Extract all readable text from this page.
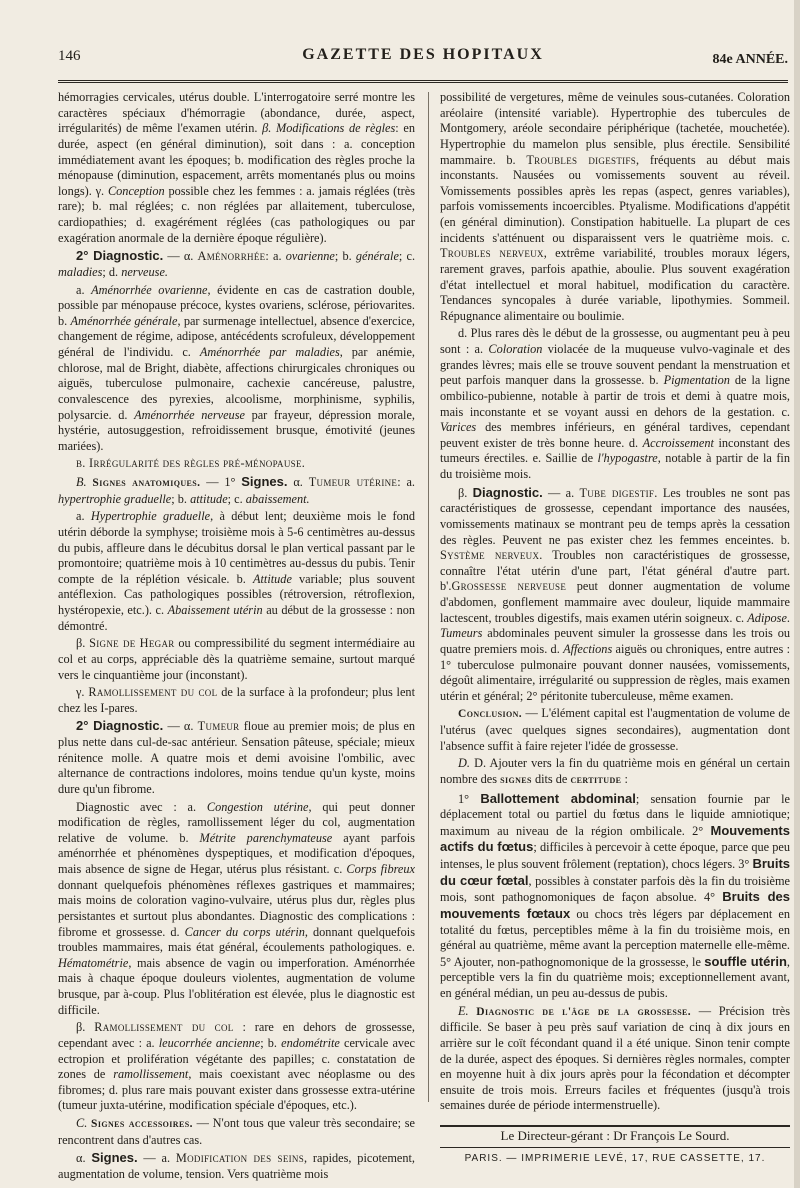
146	GAZETTE DES HOPITAUX	84e ANNÉE.

hémorragies cervicales, utérus double. L'interrogatoire serré montre les caractères spéciaux d'hémorragie (abondance, durée, aspect, irrégularités) de même l'examen utérin. β. Modifications de règles: en durée, aspect (en général diminution), soit dans : a. conception immédiatement avant les époques; b. modification des règles proche la ménopause (diminution, espacement, arrêts momentanés plus ou moins longs). γ. Conception possible chez les femmes : a. jamais réglées (très rare); b. mal réglées; c. non réglées par allaitement, tuberculose, cardiopathies; d. exagérément réglées (cas pathologiques ou par exagération anormale de la dernière époque régulière).

2° Diagnostic. — α. Aménorrhée: a. ovarienne; b. générale; c. maladies; d. nerveuse.

a. Aménorrhée ovarienne, évidente en cas de castration double, possible par ménopause précoce, kystes ovariens, sclérose, périovarites. b. Aménorrhée générale, par surmenage intellectuel, absence d'exercice, changement de régime, adipose, antécédents scrofuleux, développement général de l'individu. c. Aménorrhée par maladies, par anémie, chlorose, mal de Bright, diabète, affections chirurgicales chroniques ou aiguës, tuberculose pulmonaire, cachexie cancéreuse, palustre, convalescence des pyrexies, alcoolisme, morphinisme, syphilis, polysarcie. d. Aménorrhée nerveuse par frayeur, dépression morale, hystérie, autosuggestion, refroidissement brusque, émotivité (jeunes mariées).

β. Irrégularité des règles pré-ménopause.

B. Signes anatomiques. — 1° Signes. α. Tumeur utérine: a. hypertrophie graduelle; b. attitude; c. abaissement.

a. Hypertrophie graduelle, à début lent; deuxième mois le fond utérin déborde la symphyse; troisième mois à 5-6 centimètres au-dessus du pubis, affleure dans le décubitus dorsal le plan vertical passant par le promontoire; quatrième mois à 10 centimètres au-dessus du pubis. Tenir compte de la réplétion vésicale. b. Attitude variable; plus souvent antéflexion. Cas pathologiques possibles (rétroversion, rétroflexion, hystéropexie, etc.). c. Abaissement utérin au début de la grossesse : non démontré.

β. Signe de Hegar ou compressibilité du segment intermédiaire au col et au corps, appréciable dès la quatrième semaine, surtout marqué vers le cinquantième jour (inconstant).

γ. Ramollissement du col de la surface à la profondeur; plus lent chez les I-pares.

2° Diagnostic. — α. Tumeur floue au premier mois; de plus en plus nette dans cul-de-sac antérieur. Sensation pâteuse, spéciale; mieux rénitence molle. A quatre mois et demi avoisine l'ombilic, avec alternance de contractions indolores, moins tendue qu'un kyste, moins dure qu'un fibrome.

Diagnostic avec : a. Congestion utérine, qui peut donner modification de règles, ramollissement léger du col, augmentation relative de volume. b. Métrite parenchymateuse ayant parfois aménorrhée et phénomènes dyspeptiques, et modification d'époques, mais absence de signe de Hegar, utérus plus résistant. c. Corps fibreux donnant quelquefois phénomènes réflexes gastriques et mammaires; mais moins de coloration vagino-vulvaire, utérus plus dur, règles plus persistantes et surtout plus abondantes. Diagnostic des complications : fibrome et grossesse. d. Cancer du corps utérin, donnant quelquefois troubles mammaires, mais état général, écoulements pathologiques. e. Hématométrie, mais absence de vagin ou imperforation. Aménorrhée mais à chaque époque douleurs violentes, augmentation de volume brusque, par à-coup. Plus l'oblitération est élevée, plus le diagnostic est difficile.

β. Ramollissement du col : rare en dehors de grossesse, cependant avec : a. leucorrhée ancienne; b. endométrite cervicale avec ectropion et prolifération végétante des papilles; c. constatation de zones de ramollissement, mais coexistant avec néoplasme ou des fibromes; d. plus rare mais pouvant exister dans grossesse extra-utérine (tumeur juxta-utérine, modification spéciale d'époques, etc.).

C. Signes accessoires. — N'ont tous que valeur très secondaire; se rencontrent dans d'autres cas.

α. Signes. — a. Modification des seins, rapides, picotement, augmentation de volume, tension. Vers quatrième mois

possibilité de vergetures, même de veinules sous-cutanées. Coloration aréolaire (intensité variable). Hypertrophie des tubercules de Montgomery, aréole secondaire périphérique (tachetée, mouchetée). Hypertrophie du mamelon plus sensible, plus érectile. Sensibilité mammaire. b. Troubles digestifs, fréquents au début mais inconstants. Nausées ou vomissements souvent au réveil. Vomissements possibles après les repas (aspect, genres variables), parfois vomissements incoercibles. Ptyalisme. Modifications d'appétit (en général diminution). Constipation habituelle. La plupart de ces incidents s'atténuent ou disparaissent vers le quatrième mois. c. Troubles nerveux, extrême variabilité, troubles moraux légers, rarement graves, parfois apathie, aboulie. Plus souvent exagération d'état intellectuel et moral habituel, modification du caractère. Tendances syncopales à durée variable, lipothymies. Sommeil. Répugnance alimentaire ou boulimie.

d. Plus rares dès le début de la grossesse, ou augmentant peu à peu sont : a. Coloration violacée de la muqueuse vulvo-vaginale et des grandes lèvres; mais elle se trouve souvent pendant la menstruation et peut parfois manquer dans la grossesse. b. Pigmentation de la ligne ombilico-pubienne, notable à partir de trois et demi à quatre mois, mais inconstante et se voyant aussi en dehors de la gestation. c. Varices des membres inférieurs, en général tardives, cependant peuvent exister de très bonne heure. d. Accroissement inconstant des tumeurs érectiles. e. Saillie de l'hypogastre, notable à partir de la fin du troisième mois.

β. Diagnostic. — a. Tube digestif. Les troubles ne sont pas caractéristiques de grossesse, cependant importance des nausées, vomissements matinaux se montrant peu de temps après la cessation des règles. Peuvent ne pas exister chez les femmes enceintes. b. Système nerveux. Troubles non caractéristiques de grossesse, connaître l'état utérin d'une part, l'état général d'autre part. b'.Grossesse nerveuse peut donner augmentation de volume d'abdomen, gonflement mammaire avec douleur, liquide mammaire lactescent, troubles digestifs, mais examen utérin soigneux. c. Adipose. Tumeurs abdominales peuvent simuler la grossesse dans les trois ou quatre premiers mois. d. Affections aiguës ou chroniques, entre autres : 1° tuberculose pulmonaire pouvant donner nausées, vomissements, dégoût alimentaire, irrégularité ou suppression de règles, mais examen utérin et général; 2° péritonite tuberculeuse, même examen.

Conclusion. — L'élément capital est l'augmentation de volume de l'utérus (avec quelques signes secondaires), augmentation dont l'absence suffit à faire rejeter l'idée de grossesse.

D. D. Ajouter vers la fin du quatrième mois en général un certain nombre des signes dits de certitude :

1° Ballottement abdominal; sensation fournie par le déplacement total ou partiel du fœtus dans le liquide amniotique; maximum au niveau de la région ombilicale. 2° Mouvements actifs du fœtus; difficiles à percevoir à cette époque, parce que peu intenses, le plus souvent frôlement (reptation), chocs légers. 3° Bruits du cœur fœtal, possibles à constater parfois dès la fin du troisième mois, sont pathognomoniques de façon absolue. 4° Bruits des mouvements fœtaux ou chocs très légers par déplacement en totalité du fœtus, perceptibles même à la fin du troisième mois, en général au quatrième, même avant la perception maternelle elle-même. 5° Ajouter, non-pathognomonique de la grossesse, le souffle utérin, perceptible vers la fin du quatrième mois; exceptionnellement avant, en général médian, un peu au-dessus de pubis.

E. Diagnostic de l'âge de la grossesse. — Précision très difficile. Se baser à peu près sauf variation de cinq à dix jours en arrière sur le coït fécondant quand il a été unique. Sinon tenir compte de la durée, aspect des époques. Si dernières règles normales, compter en moyenne huit à dix jours après pour la fécondation et décompter ensuite de trois mois. Erreurs faciles et fréquentes (jusqu'à trois semaines durée de période intermenstruelle).

Le Directeur-gérant : Dr François Le Sourd.
PARIS. — IMPRIMERIE LEVÉ, 17, RUE CASSETTE, 17.
